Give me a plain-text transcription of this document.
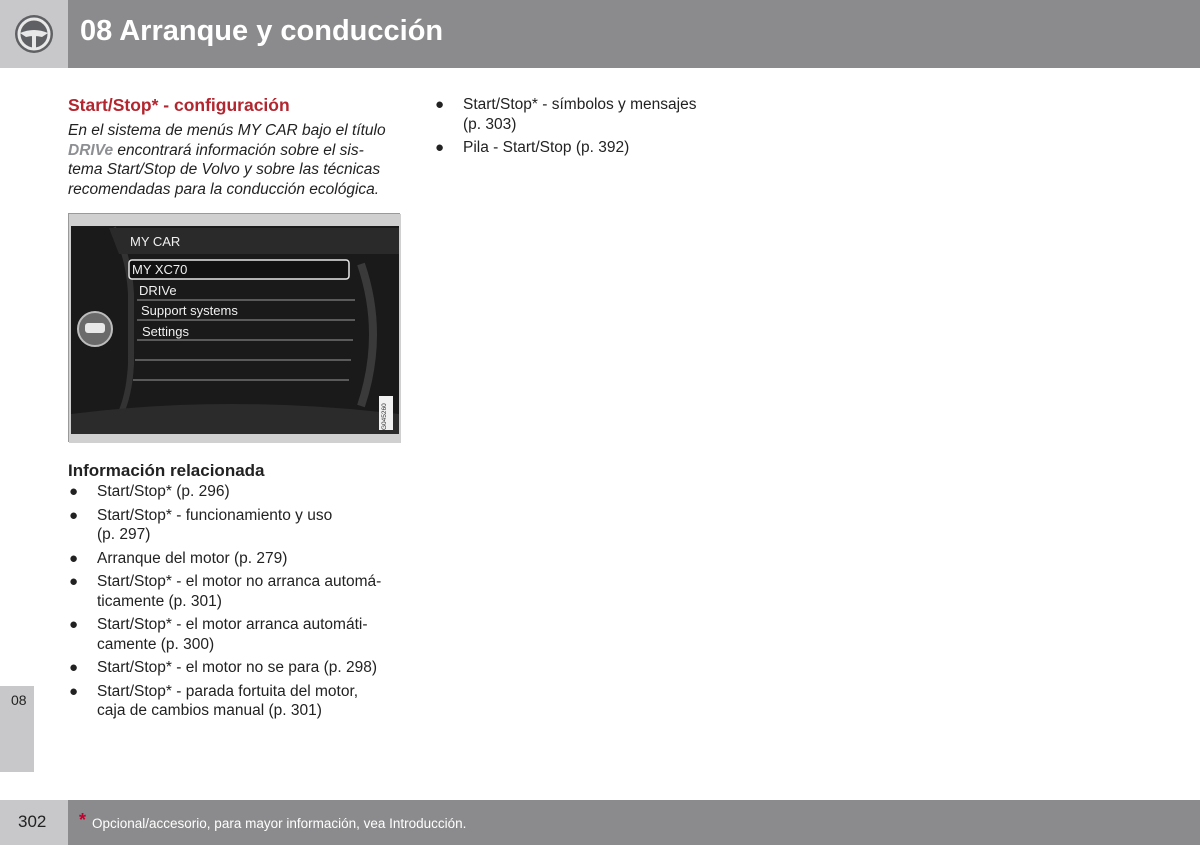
08 Arranque y conducción
Start/Stop* - configuración

En el sistema de menús MY CAR bajo el título DRIVe encontrará información sobre el sis-
tema Start/Stop de Volvo y sobre las técnicas
recomendadas para la conducción ecológica.

MY CAR
MY XC70
DRIVe
Support systems
Settings
G045260
Información relacionada
● Start/Stop* (p. 296)
● Start/Stop* - funcionamiento y uso
(p. 297)
● Arranque del motor (p. 279)
● Start/Stop* - el motor no arranca automá-
ticamente (p. 301)
● Start/Stop* - el motor arranca automáti-
camente (p. 300)
● Start/Stop* - el motor no se para (p. 298)
● Start/Stop* - parada fortuita del motor,
caja de cambios manual (p. 301)
● Start/Stop* - símbolos y mensajes
(p. 303)
● Pila - Start/Stop (p. 392)
08
302 * Opcional/accesorio, para mayor información, vea Introducción.
